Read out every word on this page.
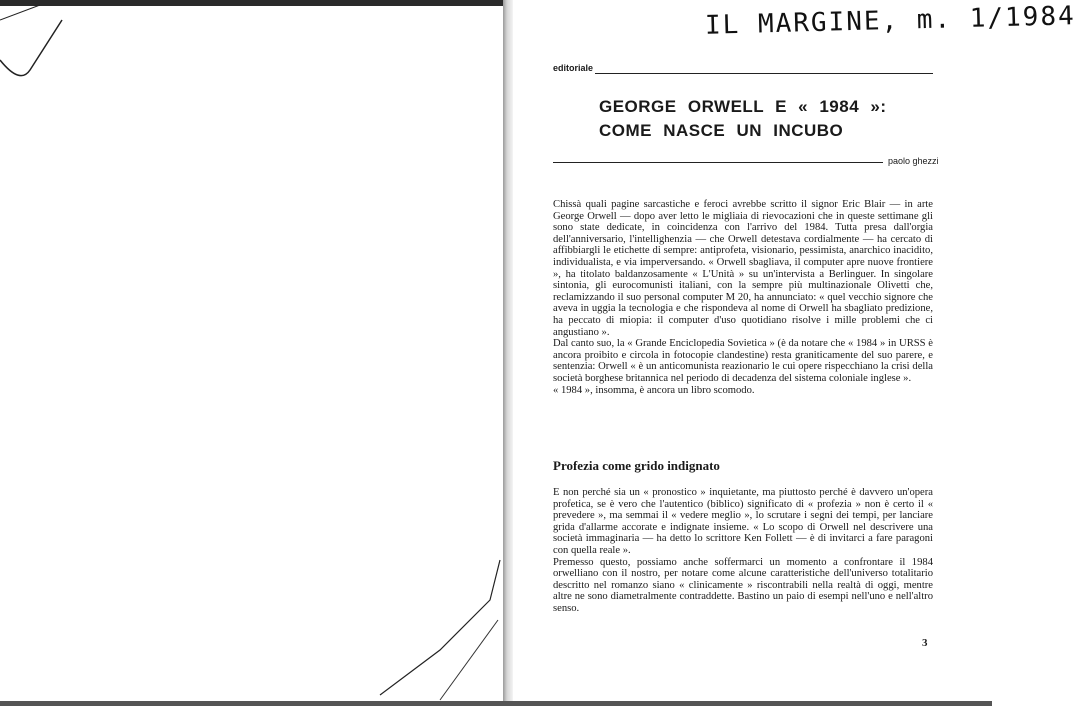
IL MARGINE, m. 1/1984
editoriale
GEORGE ORWELL E « 1984 »:
COME NASCE UN INCUBO
paolo ghezzi

Chissà quali pagine sarcastiche e feroci avrebbe scritto il signor Eric Blair — in arte George Orwell — dopo aver letto le migliaia di rievocazioni che in queste settimane gli sono state dedicate, in coincidenza con l'arrivo del 1984. Tutta presa dall'orgia dell'anniversario, l'intellighenzia — che Orwell detestava cordialmente — ha cercato di affibbiargli le etichette di sempre: antiprofeta, visionario, pessimista, anarchico inacidito, individualista, e via imperversando. « Orwell sbagliava, il computer apre nuove frontiere », ha titolato baldanzosamente « L'Unità » su un'intervista a Berlinguer. In singolare sintonia, gli eurocomunisti italiani, con la sempre più multinazionale Olivetti che, reclamizzando il suo personal computer M 20, ha annunciato: « quel vecchio signore che aveva in uggia la tecnologia e che rispondeva al nome di Orwell ha sbagliato predizione, ha peccato di miopia: il computer d'uso quotidiano risolve i mille problemi che ci angustiano ».

Dal canto suo, la « Grande Enciclopedia Sovietica » (è da notare che « 1984 » in URSS è ancora proibito e circola in fotocopie clandestine) resta graniticamente del suo parere, e sentenzia: Orwell « è un anticomunista reazionario le cui opere rispecchiano la crisi della società borghese britannica nel periodo di decadenza del sistema coloniale inglese ».

« 1984 », insomma, è ancora un libro scomodo.

Profezia come grido indignato

E non perché sia un « pronostico » inquietante, ma piuttosto perché è davvero un'opera profetica, se è vero che l'autentico (biblico) significato di « profezia » non è certo il « prevedere », ma semmai il « vedere meglio », lo scrutare i segni dei tempi, per lanciare grida d'allarme accorate e indignate insieme. « Lo scopo di Orwell nel descrivere una società immaginaria — ha detto lo scrittore Ken Follett — è di invitarci a fare paragoni con quella reale ».

Premesso questo, possiamo anche soffermarci un momento a confrontare il 1984 orwelliano con il nostro, per notare come alcune caratteristiche dell'universo totalitario descritto nel romanzo siano « clinicamente » riscontrabili nella realtà di oggi, mentre altre ne sono diametralmente contraddette. Bastino un paio di esempi nell'uno e nell'altro senso.

3
